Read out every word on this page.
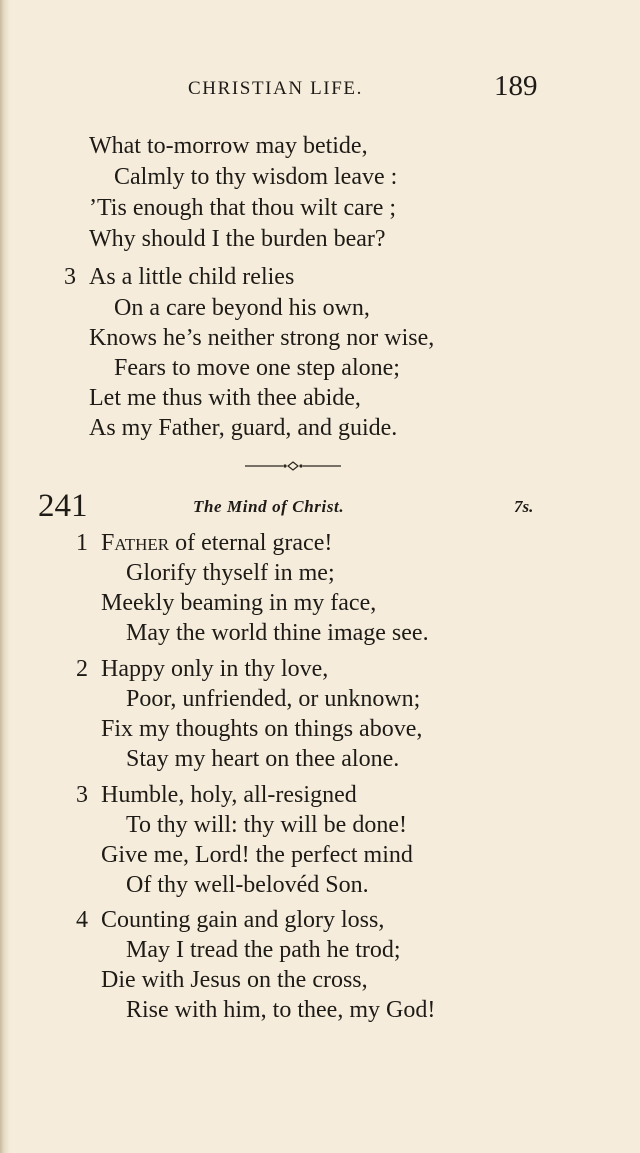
CHRISTIAN LIFE.	189
What to-morrow may betide,
Calmly to thy wisdom leave :
’Tis enough that thou wilt care ;
Why should I the burden bear?
3 As a little child relies
On a care beyond his own,
Knows he’s neither strong nor wise,
Fears to move one step alone;
Let me thus with thee abide,
As my Father, guard, and guide.
241	The Mind of Christ.	7s.
1 Father of eternal grace!
Glorify thyself in me;
Meekly beaming in my face,
May the world thine image see.
2 Happy only in thy love,
Poor, unfriended, or unknown;
Fix my thoughts on things above,
Stay my heart on thee alone.
3 Humble, holy, all-resigned
To thy will: thy will be done!
Give me, Lord! the perfect mind
Of thy well-belovéd Son.
4 Counting gain and glory loss,
May I tread the path he trod;
Die with Jesus on the cross,
Rise with him, to thee, my God!
